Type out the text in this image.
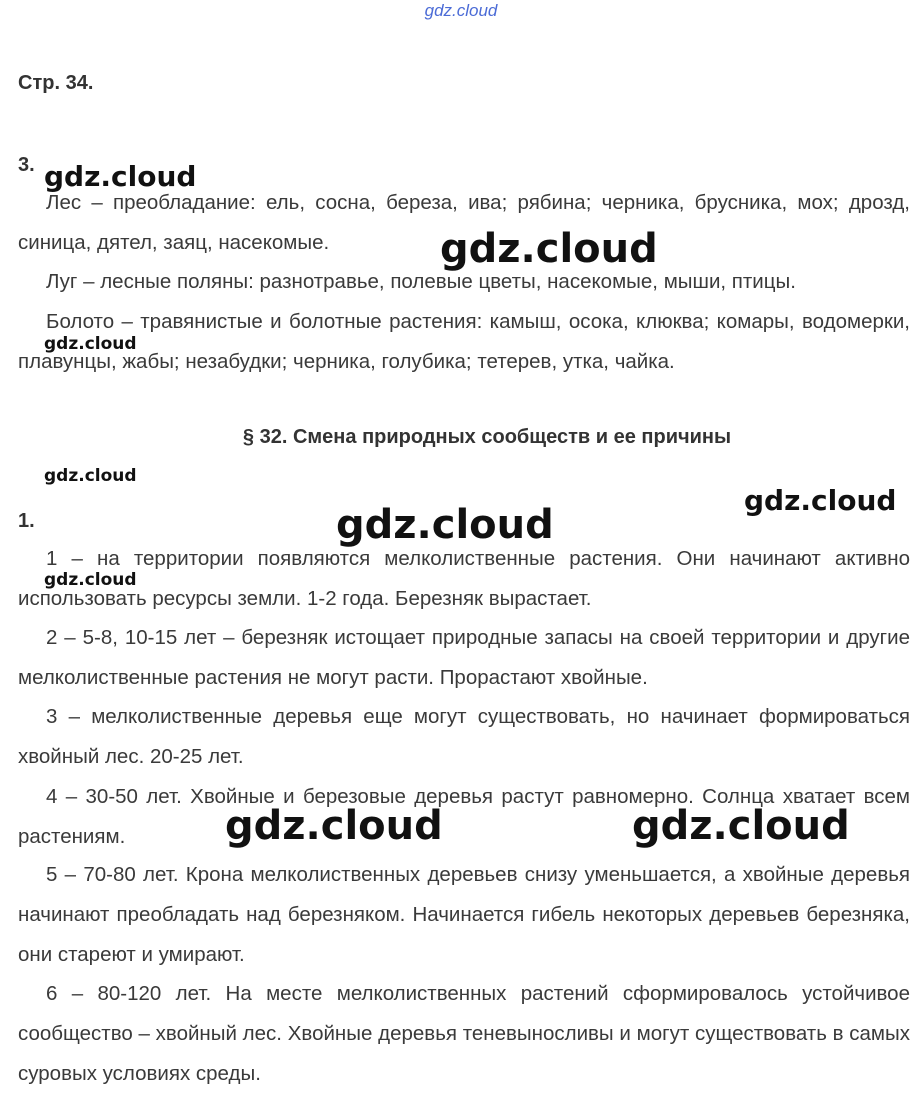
gdz.cloud
Стр. 34.
3.
Лес – преобладание: ель, сосна, береза, ива; рябина; черника, брусника, мох; дрозд, синица, дятел, заяц, насекомые.
Луг – лесные поляны: разнотравье, полевые цветы, насекомые, мыши, птицы.
Болото – травянистые и болотные растения: камыш, осока, клюква; комары, водомерки, плавунцы, жабы; незабудки; черника, голубика; тетерев, утка, чайка.
§ 32. Смена природных сообществ и ее причины
1.
1 – на территории появляются мелколиственные растения. Они начинают активно использовать ресурсы земли. 1-2 года. Березняк вырастает.
2 – 5-8, 10-15 лет – березняк истощает природные запасы на своей территории и другие мелколиственные растения не могут расти. Прорастают хвойные.
3 – мелколиственные деревья еще могут существовать, но начинает формироваться хвойный лес. 20-25 лет.
4 – 30-50 лет. Хвойные и березовые деревья растут равномерно. Солнца хватает всем растениям.
5 – 70-80 лет. Крона мелколиственных деревьев снизу уменьшается, а хвойные деревья начинают преобладать над березняком. Начинается гибель некоторых деревьев березняка, они стареют и умирают.
6 – 80-120 лет. На месте мелколиственных растений сформировалось устойчивое сообщество – хвойный лес. Хвойные деревья теневыносливы и могут существовать в самых суровых условиях среды.
gdz.cloud
gdz.cloud
gdz.cloud
gdz.cloud
gdz.cloud
gdz.cloud
gdz.cloud
gdz.cloud	gdz.cloud
